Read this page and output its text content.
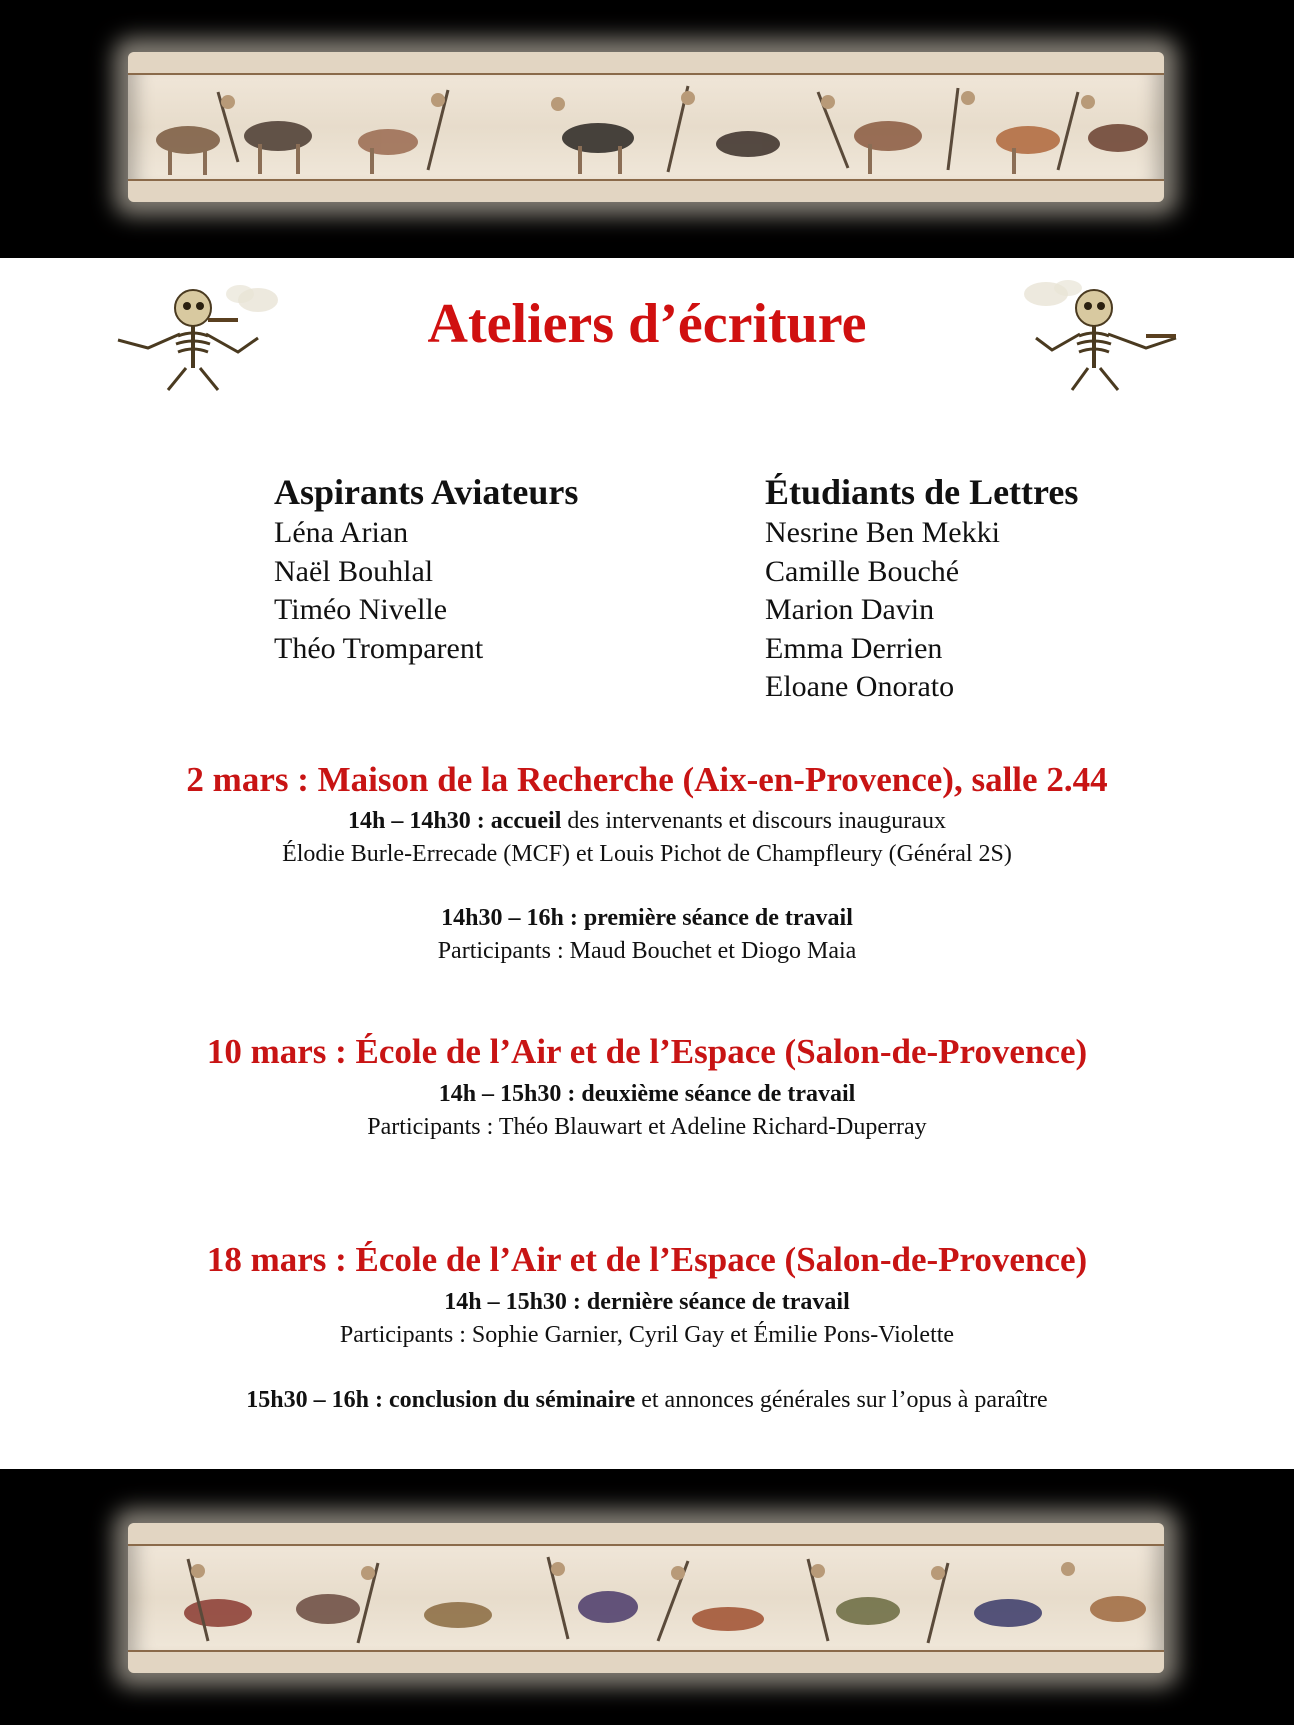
Ateliers d’écriture
Aspirants Aviateurs
Léna Arian
Naël Bouhlal
Timéo Nivelle
Théo Tromparent
Étudiants de Lettres
Nesrine Ben Mekki
Camille Bouché
Marion Davin
Emma Derrien
Eloane Onorato
2 mars : Maison de la Recherche (Aix-en-Provence), salle 2.44
14h – 14h30 : accueil des intervenants et discours inauguraux
Élodie Burle-Errecade (MCF) et Louis Pichot de Champfleury (Général 2S)
14h30 – 16h : première séance de travail
Participants : Maud Bouchet et Diogo Maia
10 mars : École de l’Air et de l’Espace (Salon-de-Provence)
14h – 15h30 : deuxième séance de travail
Participants : Théo Blauwart et Adeline Richard-Duperray
18 mars : École de l’Air et de l’Espace (Salon-de-Provence)
14h – 15h30 : dernière séance de travail
Participants : Sophie Garnier, Cyril Gay et Émilie Pons-Violette
15h30 – 16h : conclusion du séminaire et annonces générales sur l’opus à paraître
